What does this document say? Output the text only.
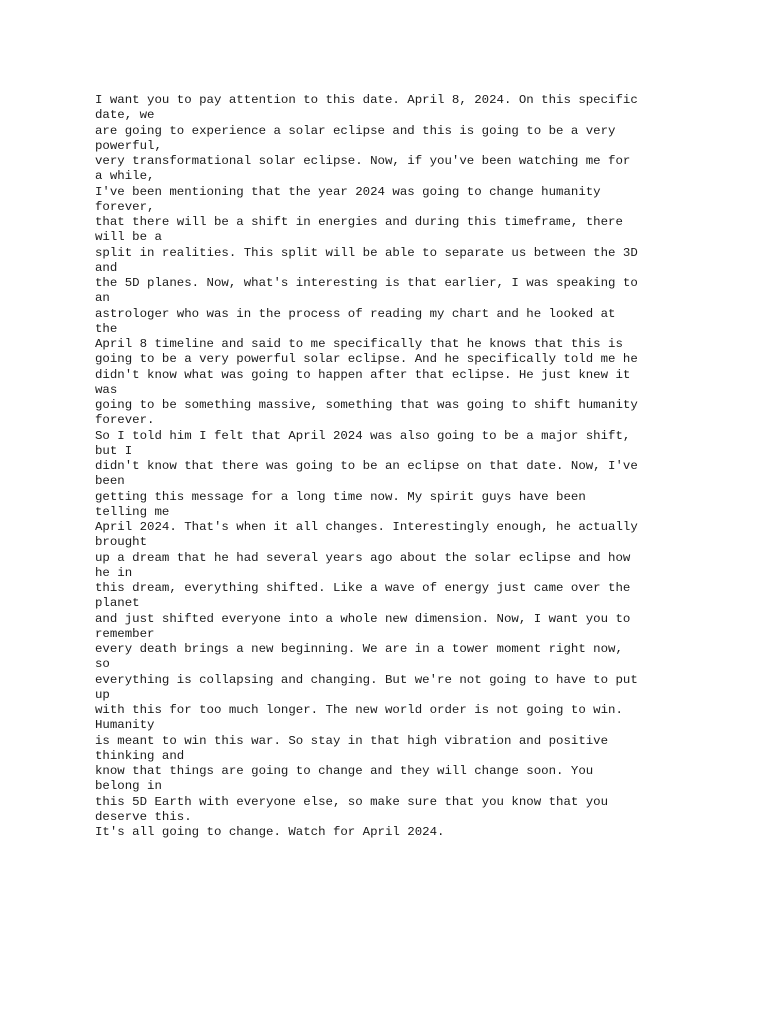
I want you to pay attention to this date. April 8, 2024. On this specific
date, we
are going to experience a solar eclipse and this is going to be a very
powerful,
very transformational solar eclipse. Now, if you've been watching me for
a while,
I've been mentioning that the year 2024 was going to change humanity
forever,
that there will be a shift in energies and during this timeframe, there
will be a
split in realities. This split will be able to separate us between the 3D
and
the 5D planes. Now, what's interesting is that earlier, I was speaking to
an
astrologer who was in the process of reading my chart and he looked at
the
April 8 timeline and said to me specifically that he knows that this is
going to be a very powerful solar eclipse. And he specifically told me he
didn't know what was going to happen after that eclipse. He just knew it
was
going to be something massive, something that was going to shift humanity
forever.
So I told him I felt that April 2024 was also going to be a major shift,
but I
didn't know that there was going to be an eclipse on that date. Now, I've
been
getting this message for a long time now. My spirit guys have been
telling me
April 2024. That's when it all changes. Interestingly enough, he actually
brought
up a dream that he had several years ago about the solar eclipse and how
he in
this dream, everything shifted. Like a wave of energy just came over the
planet
and just shifted everyone into a whole new dimension. Now, I want you to
remember
every death brings a new beginning. We are in a tower moment right now,
so
everything is collapsing and changing. But we're not going to have to put
up
with this for too much longer. The new world order is not going to win.
Humanity
is meant to win this war. So stay in that high vibration and positive
thinking and
know that things are going to change and they will change soon. You
belong in
this 5D Earth with everyone else, so make sure that you know that you
deserve this.
It's all going to change. Watch for April 2024.
